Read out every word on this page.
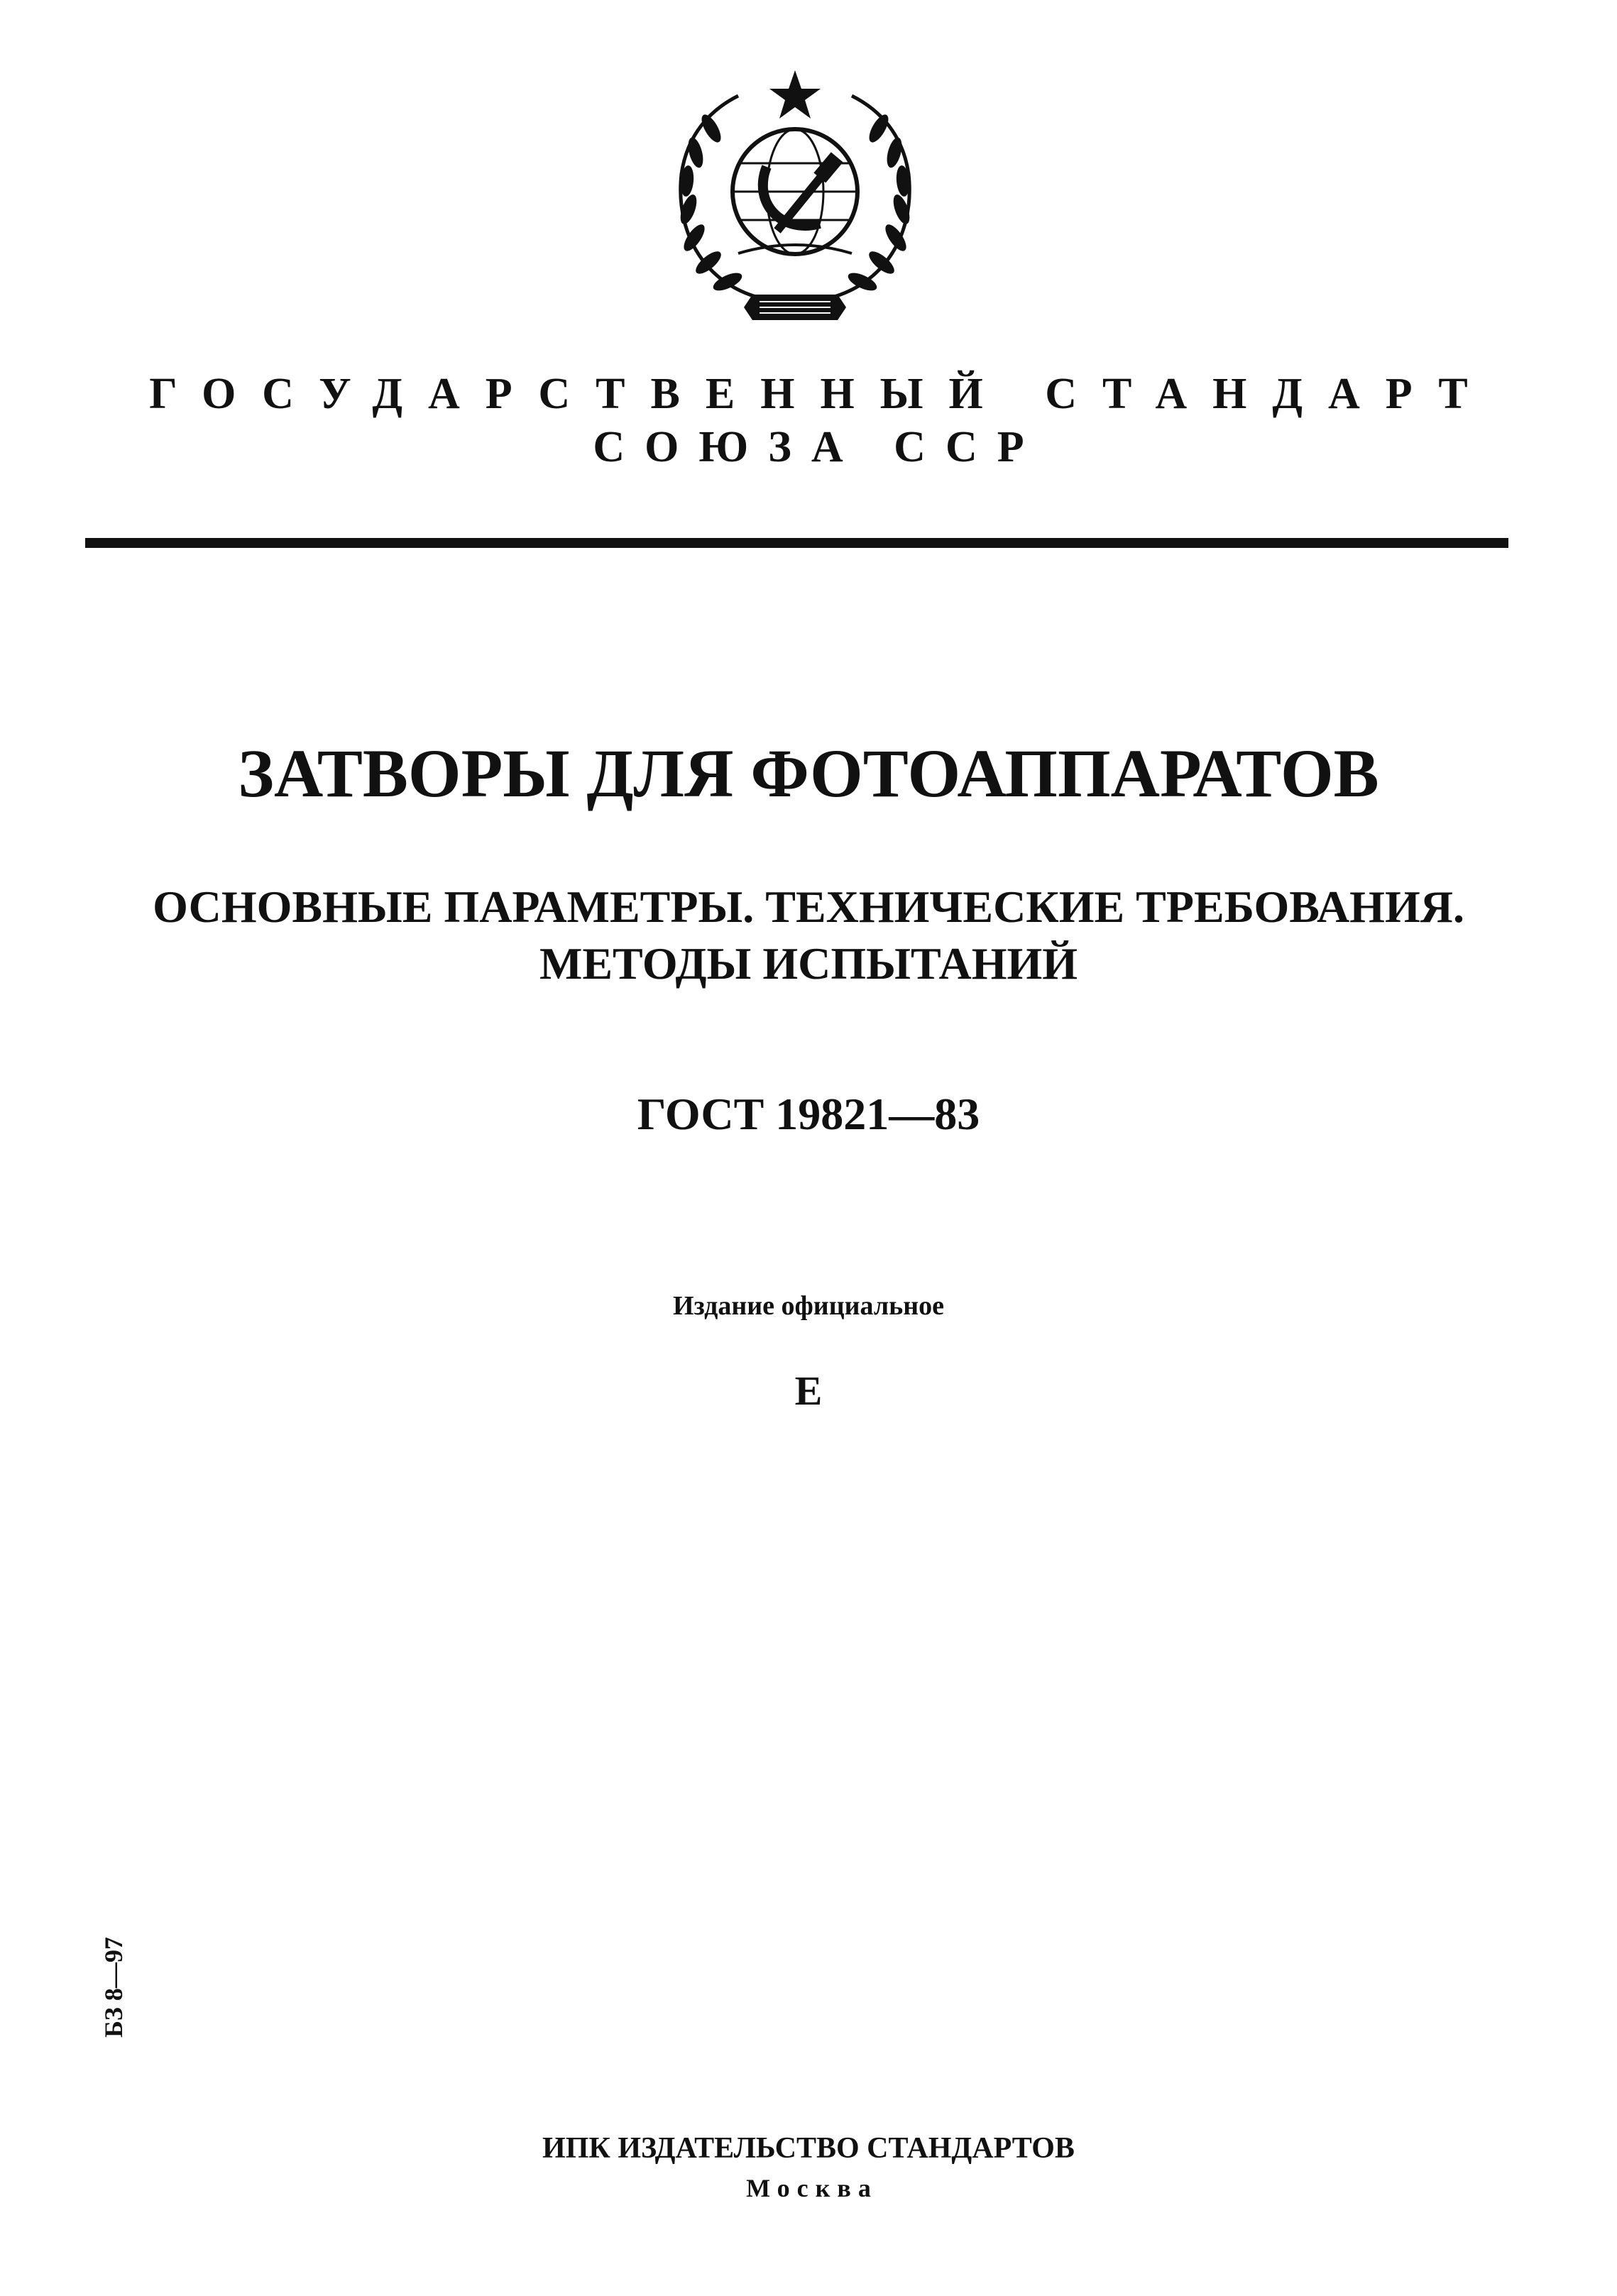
ГОСУДАРСТВЕННЫЙ СТАНДАРТ
СОЮЗА ССР
ЗАТВОРЫ ДЛЯ ФОТОАППАРАТОВ
ОСНОВНЫЕ ПАРАМЕТРЫ. ТЕХНИЧЕСКИЕ ТРЕБОВАНИЯ.
МЕТОДЫ ИСПЫТАНИЙ
ГОСТ 19821—83
Издание официальное
Е
БЗ 8—97
ИПК ИЗДАТЕЛЬСТВО СТАНДАРТОВ
Москва
